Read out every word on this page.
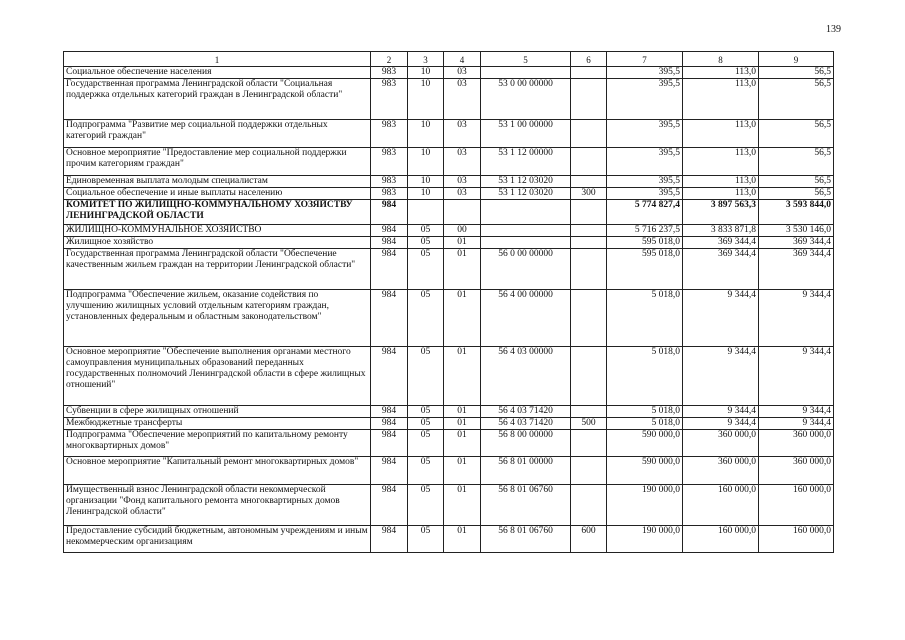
139
1	2	3	4	5	6	7	8	9
Социальное обеспечение населения	983	10	03			395,5	113,0	56,5
Государственная программа Ленинградской области "Социальная поддержка отдельных категорий граждан в Ленинградской области"	983	10	03	53 0 00 00000		395,5	113,0	56,5
Подпрограмма "Развитие мер социальной поддержки отдельных категорий граждан"	983	10	03	53 1 00 00000		395,5	113,0	56,5
Основное мероприятие "Предоставление мер социальной поддержки прочим категориям граждан"	983	10	03	53 1 12 00000		395,5	113,0	56,5
Единовременная выплата молодым специалистам	983	10	03	53 1 12 03020		395,5	113,0	56,5
Социальное обеспечение и иные выплаты населению	983	10	03	53 1 12 03020	300	395,5	113,0	56,5
КОМИТЕТ ПО ЖИЛИЩНО-КОММУНАЛЬНОМУ ХОЗЯЙСТВУ ЛЕНИНГРАДСКОЙ ОБЛАСТИ	984					5 774 827,4	3 897 563,3	3 593 844,0
ЖИЛИЩНО-КОММУНАЛЬНОЕ ХОЗЯЙСТВО	984	05	00			5 716 237,5	3 833 871,8	3 530 146,0
Жилищное хозяйство	984	05	01			595 018,0	369 344,4	369 344,4
Государственная программа Ленинградской области "Обеспечение качественным жильем граждан на территории Ленинградской области"	984	05	01	56 0 00 00000		595 018,0	369 344,4	369 344,4
Подпрограмма "Обеспечение жильем, оказание содействия по улучшению жилищных условий отдельным категориям граждан, установленных федеральным и областным законодательством"	984	05	01	56 4 00 00000		5 018,0	9 344,4	9 344,4
Основное мероприятие "Обеспечение выполнения органами местного самоуправления муниципальных образований переданных государственных полномочий Ленинградской области в сфере жилищных отношений"	984	05	01	56 4 03 00000		5 018,0	9 344,4	9 344,4
Субвенции в сфере жилищных отношений	984	05	01	56 4 03 71420		5 018,0	9 344,4	9 344,4
Межбюджетные трансферты	984	05	01	56 4 03 71420	500	5 018,0	9 344,4	9 344,4
Подпрограмма "Обеспечение мероприятий по капитальному ремонту многоквартирных домов"	984	05	01	56 8 00 00000		590 000,0	360 000,0	360 000,0
Основное мероприятие "Капитальный ремонт многоквартирных домов"	984	05	01	56 8 01 00000		590 000,0	360 000,0	360 000,0
Имущественный взнос Ленинградской области некоммерческой организации "Фонд капитального ремонта многоквартирных домов Ленинградской области"	984	05	01	56 8 01 06760		190 000,0	160 000,0	160 000,0
Предоставление субсидий бюджетным, автономным учреждениям и иным некоммерческим организациям	984	05	01	56 8 01 06760	600	190 000,0	160 000,0	160 000,0
